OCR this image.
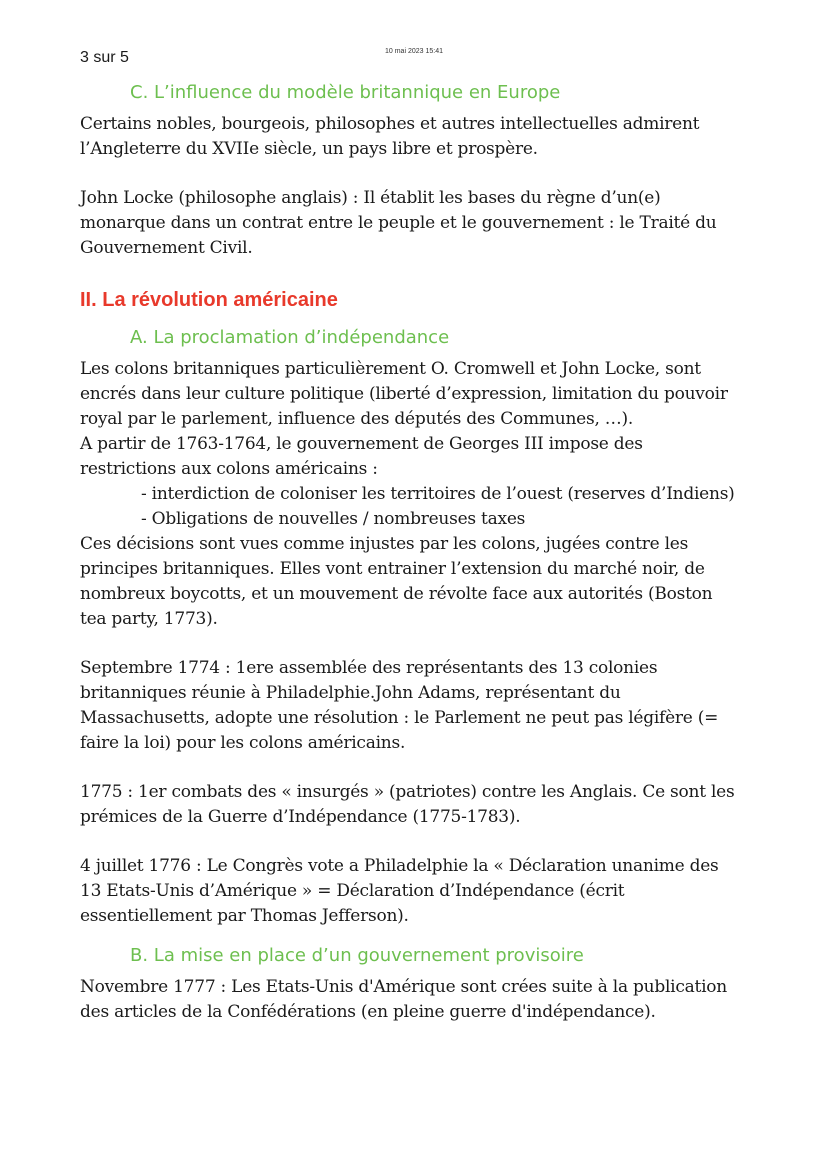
3 sur 5	10 mai 2023 15:41
C. L’influence du modèle britannique en Europe

Certains nobles, bourgeois, philosophes et autres intellectuelles admirent
l’Angleterre du XVIIe siècle, un pays libre et prospère.

John Locke (philosophe anglais) : Il établit les bases du règne d’un(e)
monarque dans un contrat entre le peuple et le gouvernement : le Traité du
Gouvernement Civil.

II. La révolution américaine
A. La proclamation d’indépendance

Les colons britanniques particulièrement O. Cromwell et John Locke, sont
encrés dans leur culture politique (liberté d’expression, limitation du pouvoir
royal par le parlement, influence des députés des Communes, …).
A partir de 1763-1764, le gouvernement de Georges III impose des
restrictions aux colons américains :

- interdiction de coloniser les territoires de l’ouest (reserves d’Indiens)

- Obligations de nouvelles / nombreuses taxes

Ces décisions sont vues comme injustes par les colons, jugées contre les
principes britanniques. Elles vont entrainer l’extension du marché noir, de
nombreux boycotts, et un mouvement de révolte face aux autorités (Boston
tea party, 1773).

Septembre 1774 : 1ere assemblée des représentants des 13 colonies
britanniques réunie à Philadelphie.John Adams, représentant du
Massachusetts, adopte une résolution : le Parlement ne peut pas légifère (=
faire la loi) pour les colons américains.

1775 : 1er combats des « insurgés » (patriotes) contre les Anglais. Ce sont les
prémices de la Guerre d’Indépendance (1775-1783).

4 juillet 1776 : Le Congrès vote a Philadelphie la « Déclaration unanime des
13 Etats-Unis d’Amérique » = Déclaration d’Indépendance (écrit
essentiellement par Thomas Jefferson).

B. La mise en place d’un gouvernement provisoire

Novembre 1777 : Les Etats-Unis d'Amérique sont crées suite à la publication
des articles de la Confédérations (en pleine guerre d'indépendance).
